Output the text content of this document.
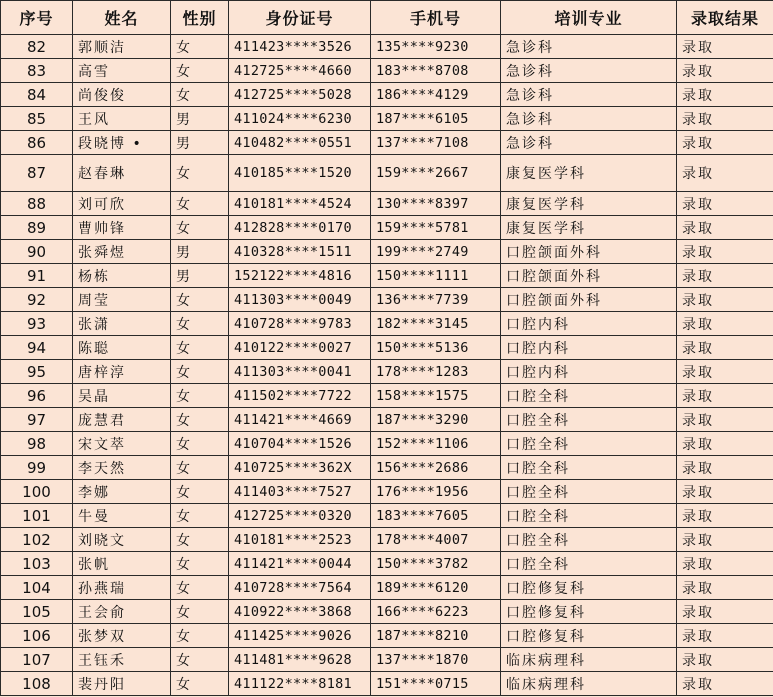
序号	姓名	性别	身份证号	手机号	培训专业	录取结果
82	郭顺洁	女	411423****3526	135****9230	急诊科	录取
83	高雪	女	412725****4660	183****8708	急诊科	录取
84	尚俊俊	女	412725****5028	186****4129	急诊科	录取
85	王风	男	411024****6230	187****6105	急诊科	录取
86	段晓博 •	男	410482****0551	137****7108	急诊科	录取
87	赵春琳	女	410185****1520	159****2667	康复医学科	录取
88	刘可欣	女	410181****4524	130****8397	康复医学科	录取
89	曹帅锋	女	412828****0170	159****5781	康复医学科	录取
90	张舜煜	男	410328****1511	199****2749	口腔颌面外科	录取
91	杨栋	男	152122****4816	150****1111	口腔颌面外科	录取
92	周莹	女	411303****0049	136****7739	口腔颌面外科	录取
93	张潇	女	410728****9783	182****3145	口腔内科	录取
94	陈聪	女	410122****0027	150****5136	口腔内科	录取
95	唐梓淳	女	411303****0041	178****1283	口腔内科	录取
96	吴晶	女	411502****7722	158****1575	口腔全科	录取
97	庞慧君	女	411421****4669	187****3290	口腔全科	录取
98	宋文萃	女	410704****1526	152****1106	口腔全科	录取
99	李天然	女	410725****362X	156****2686	口腔全科	录取
100	李娜	女	411403****7527	176****1956	口腔全科	录取
101	牛曼	女	412725****0320	183****7605	口腔全科	录取
102	刘晓文	女	410181****2523	178****4007	口腔全科	录取
103	张帆	女	411421****0044	150****3782	口腔全科	录取
104	孙燕瑞	女	410728****7564	189****6120	口腔修复科	录取
105	王会俞	女	410922****3868	166****6223	口腔修复科	录取
106	张梦双	女	411425****9026	187****8210	口腔修复科	录取
107	王钰禾	女	411481****9628	137****1870	临床病理科	录取
108	裴丹阳	女	411122****8181	151****0715	临床病理科	录取
